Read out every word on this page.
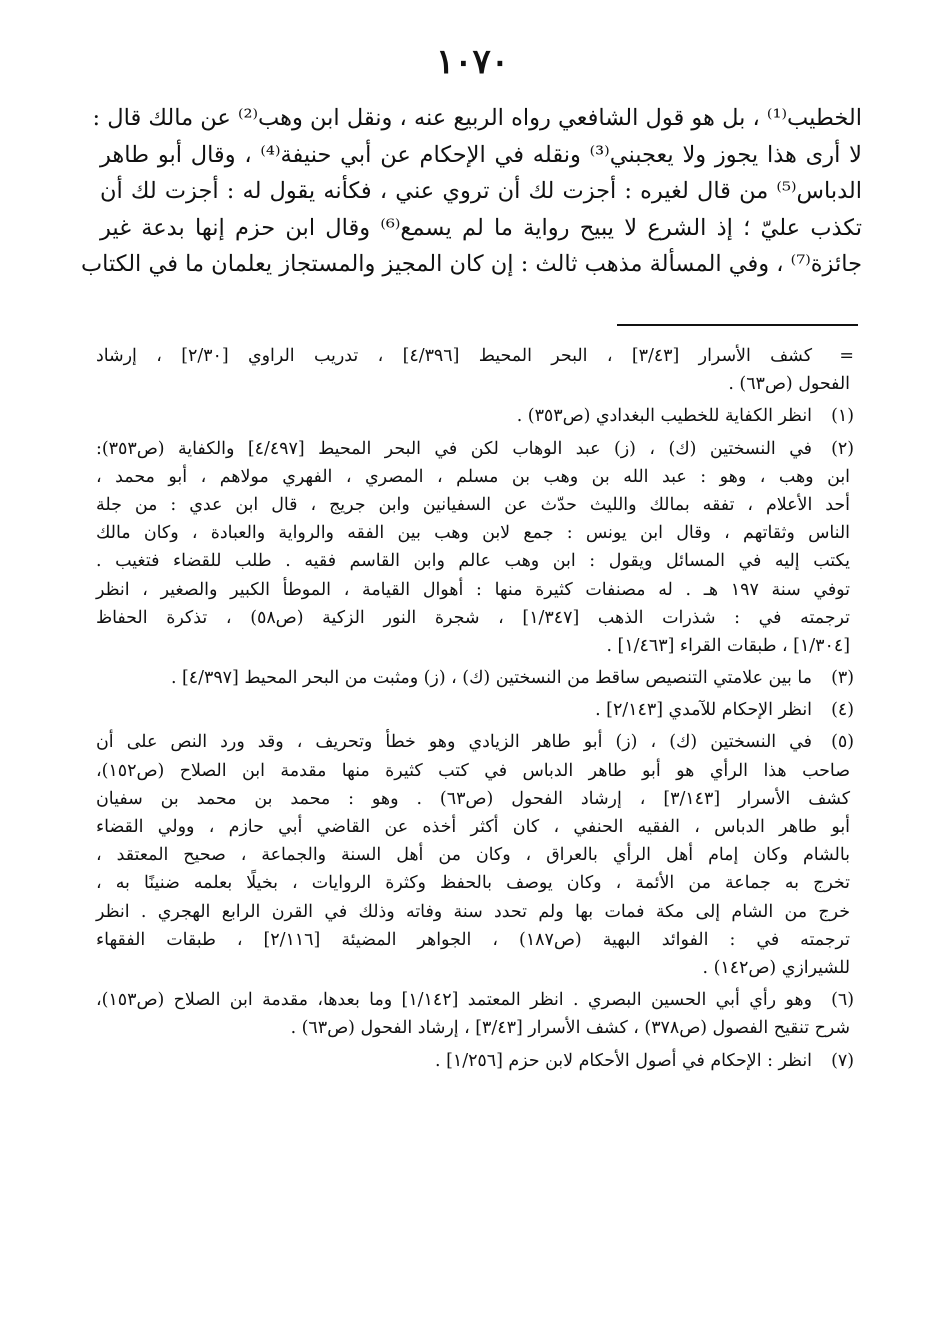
١٠٧٠
الخطيب⁽¹⁾ ، بل هو قول الشافعي رواه الربيع عنه ، ونقل ابن وهب⁽²⁾ عن مالك قال :
لا أرى هذا يجوز ولا يعجبني⁽³⁾ ونقله في الإحكام عن أبي حنيفة⁽⁴⁾ ، وقال أبو طاهر
الدباس⁽⁵⁾ من قال لغيره : أجزت لك أن تروي عني ، فكأنه يقول له : أجزت لك أن
تكذب عليّ ؛ إذ الشرع لا يبيح رواية ما لم يسمع⁽⁶⁾ وقال ابن حزم إنها بدعة غير
جائزة⁽⁷⁾ ، وفي المسألة مذهب ثالث : إن كان المجيز والمستجاز يعلمان ما في الكتاب
=
كشف الأسرار [٣/٤٣] ، البحر المحيط [٤/٣٩٦] ، تدريب الراوي [٢/٣٠] ، إرشاد
الفحول (ص٦٣) .
(١)
انظر الكفاية للخطيب البغدادي (ص٣٥٣) .
(٢)
في النسختين (ك) ، (ز) عبد الوهاب لكن في البحر المحيط [٤/٤٩٧] والكفاية (ص٣٥٣):
ابن وهب ، وهو : عبد الله بن وهب بن مسلم ، المصري ، الفهري مولاهم ، أبو محمد ،
أحد الأعلام ، تفقه بمالك والليث حدّث عن السفيانين وابن جريج ، قال ابن عدي : من جلة
الناس وثقاتهم ، وقال ابن يونس : جمع لابن وهب بين الفقه والرواية والعبادة ، وكان مالك
يكتب إليه في المسائل ويقول : ابن وهب عالم وابن القاسم فقيه . طلب للقضاء فتغيب .
توفي سنة ١٩٧ هـ . له مصنفات كثيرة منها : أهوال القيامة ، الموطأ الكبير والصغير ، انظر
ترجمته في : شذرات الذهب [١/٣٤٧] ، شجرة النور الزكية (ص٥٨) ، تذكرة الحفاظ
[١/٣٠٤] ، طبقات القراء [١/٤٦٣] .
(٣)
ما بين علامتي التنصيص ساقط من النسختين (ك) ، (ز) ومثبت من البحر المحيط [٤/٣٩٧] .
(٤)
انظر الإحكام للآمدي [٢/١٤٣] .
(٥)
في النسختين (ك) ، (ز) أبو طاهر الزيادي وهو خطأ وتحريف ، وقد ورد النص على أن
صاحب هذا الرأي هو أبو طاهر الدباس في كتب كثيرة منها مقدمة ابن الصلاح (ص١٥٢)،
كشف الأسرار [٣/١٤٣] ، إرشاد الفحول (ص٦٣) . وهو : محمد بن محمد بن سفيان
أبو طاهر الدباس ، الفقيه الحنفي ، كان أكثر أخذه عن القاضي أبي حازم ، وولي القضاء
بالشام وكان إمام أهل الرأي بالعراق ، وكان من أهل السنة والجماعة ، صحيح المعتقد ،
تخرج به جماعة من الأئمة ، وكان يوصف بالحفظ وكثرة الروايات ، بخيلًا بعلمه ضنينًا به ،
خرج من الشام إلى مكة فمات بها ولم تحدد سنة وفاته وذلك في القرن الرابع الهجري . انظر
ترجمته في : الفوائد البهية (ص١٨٧) ، الجواهر المضيئة [٢/١١٦] ، طبقات الفقهاء
للشيرازي (ص١٤٢) .
(٦)
وهو رأي أبي الحسين البصري . انظر المعتمد [١/١٤٢] وما بعدها، مقدمة ابن الصلاح (ص١٥٣)،
شرح تنقيح الفصول (ص٣٧٨) ، كشف الأسرار [٣/٤٣] ، إرشاد الفحول (ص٦٣) .
(٧)
انظر : الإحكام في أصول الأحكام لابن حزم [١/٢٥٦] .
